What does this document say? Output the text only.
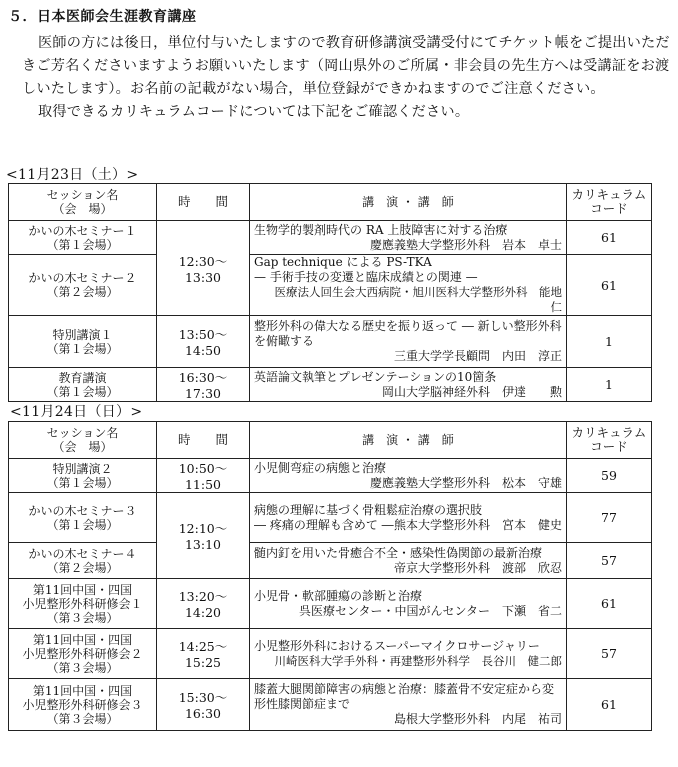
５．日本医師会生涯教育講座

医師の方には後日，単位付与いたしますので教育研修講演受講受付にてチケット帳をご提出いただきご芳名くださいますようお願いいたします（岡山県外のご所属・非会員の先生方へは受講証をお渡しいたします）。お名前の記載がない場合，単位登録ができかねますのでご注意ください。

取得できるカリキュラムコードについては下記をご確認ください。

<11月23日（土）>
セッション名
（会　場）	時　　間	講　演 ・ 講　師	カリキュラム
コード

かいの木セミナー１
（第１会場）	12:30～13:30	生物学的製剤時代の RA 上肢障害に対する治療
慶應義塾大学整形外科　岩本　卓士	61

かいの木セミナー２
（第２会場）		Gap technique による PS-TKA
— 手術手技の変遷と臨床成績との関連 —
医療法人回生会大西病院・旭川医科大学整形外科　能地　　仁	61

特別講演１
（第１会場）	13:50～14:50	整形外科の偉大なる歴史を振り返って ― 新しい整形外科を俯瞰する
三重大学学長顧問　内田　淳正	1

教育講演
（第１会場）	16:30～17:30	英語論文執筆とプレゼンテーションの10箇条
岡山大学脳神経外科　伊達　　勲	1
<11月24日（日）>
セッション名
（会　場）	時　　間	講　演 ・ 講　師	カリキュラム
コード

特別講演２
（第１会場）	10:50～11:50	小児側弯症の病態と治療
慶應義塾大学整形外科　松本　守雄	59

かいの木セミナー３
（第１会場）	12:10～13:10	病態の理解に基づく骨粗鬆症治療の選択肢
― 疼痛の理解も含めて ― 熊本大学整形外科　宮本　健史	77

かいの木セミナー４
（第２会場）		髄内釘を用いた骨癒合不全・感染性偽関節の最新治療
帝京大学整形外科　渡部　欣忍	57

第11回中国・四国
小児整形外科研修会１
（第３会場）	13:20～14:20	小児骨・軟部腫瘍の診断と治療
呉医療センター・中国がんセンター　下瀬　省二	61

第11回中国・四国
小児整形外科研修会２
（第３会場）	14:25～15:25	小児整形外科におけるスーパーマイクロサージャリー
川崎医科大学手外科・再建整形外科学　長谷川　健二郎	57

第11回中国・四国
小児整形外科研修会３
（第３会場）	15:30～16:30	膝蓋大腿関節障害の病態と治療：膝蓋骨不安定症から変形性膝関節症まで
島根大学整形外科　内尾　祐司	61
